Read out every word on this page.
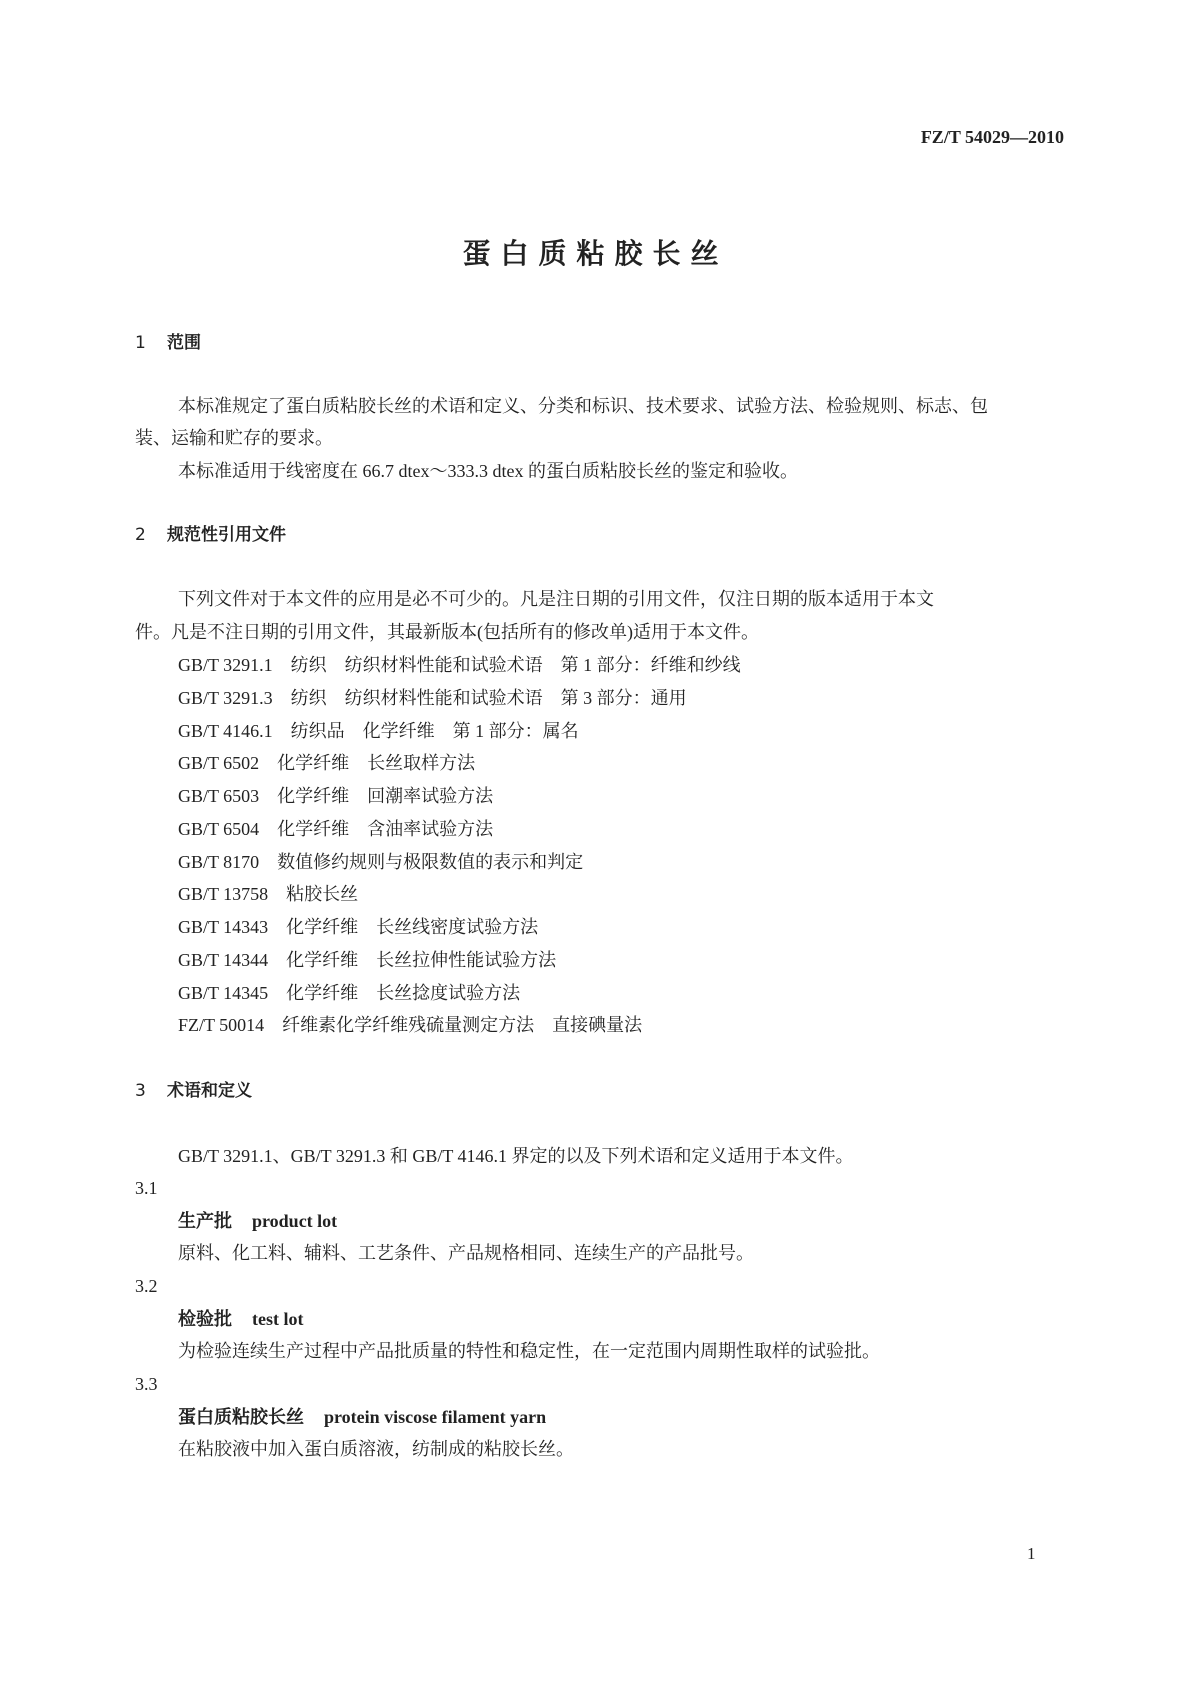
FZ/T 54029—2010
蛋白质粘胶长丝
1 范围
本标准规定了蛋白质粘胶长丝的术语和定义、分类和标识、技术要求、试验方法、检验规则、标志、包
装、运输和贮存的要求。
本标准适用于线密度在 66.7 dtex～333.3 dtex 的蛋白质粘胶长丝的鉴定和验收。
2 规范性引用文件
下列文件对于本文件的应用是必不可少的。凡是注日期的引用文件，仅注日期的版本适用于本文
件。凡是不注日期的引用文件，其最新版本(包括所有的修改单)适用于本文件。
GB/T 3291.1　纺织　纺织材料性能和试验术语　第 1 部分：纤维和纱线
GB/T 3291.3　纺织　纺织材料性能和试验术语　第 3 部分：通用
GB/T 4146.1　纺织品　化学纤维　第 1 部分：属名
GB/T 6502　化学纤维　长丝取样方法
GB/T 6503　化学纤维　回潮率试验方法
GB/T 6504　化学纤维　含油率试验方法
GB/T 8170　数值修约规则与极限数值的表示和判定
GB/T 13758　粘胶长丝
GB/T 14343　化学纤维　长丝线密度试验方法
GB/T 14344　化学纤维　长丝拉伸性能试验方法
GB/T 14345　化学纤维　长丝捻度试验方法
FZ/T 50014　纤维素化学纤维残硫量测定方法　直接碘量法
3 术语和定义
GB/T 3291.1、GB/T 3291.3 和 GB/T 4146.1 界定的以及下列术语和定义适用于本文件。
3.1
生产批 product lot
原料、化工料、辅料、工艺条件、产品规格相同、连续生产的产品批号。
3.2
检验批 test lot
为检验连续生产过程中产品批质量的特性和稳定性，在一定范围内周期性取样的试验批。
3.3
蛋白质粘胶长丝 protein viscose filament yarn
在粘胶液中加入蛋白质溶液，纺制成的粘胶长丝。
1
